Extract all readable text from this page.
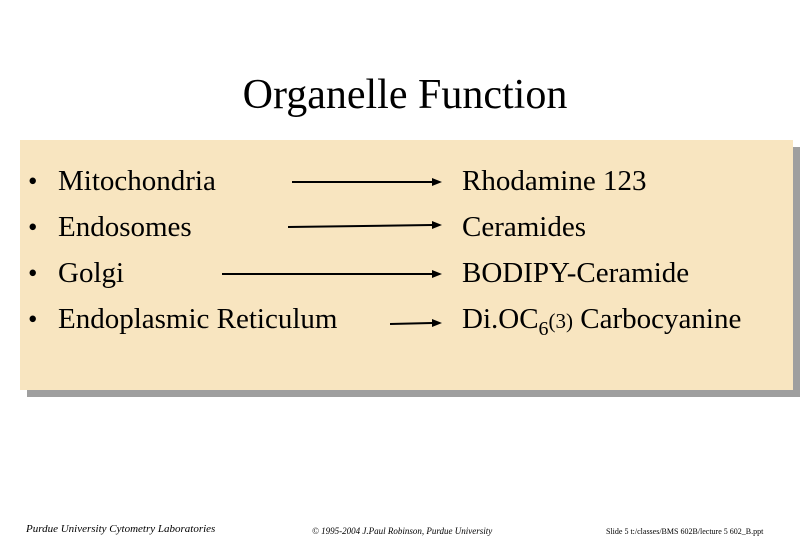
Organelle Function
• Mitochondria	Rhodamine 123
• Endosomes	Ceramides
• Golgi	BODIPY-Ceramide
• Endoplasmic Reticulum	$Di.OC_6(3)$ Carbocyanine
Purdue University Cytometry Laboratories	© 1995-2004 J.Paul Robinson, Purdue University	Slide 5 t:/classes/BMS 602B/lecture 5 602_B.ppt
